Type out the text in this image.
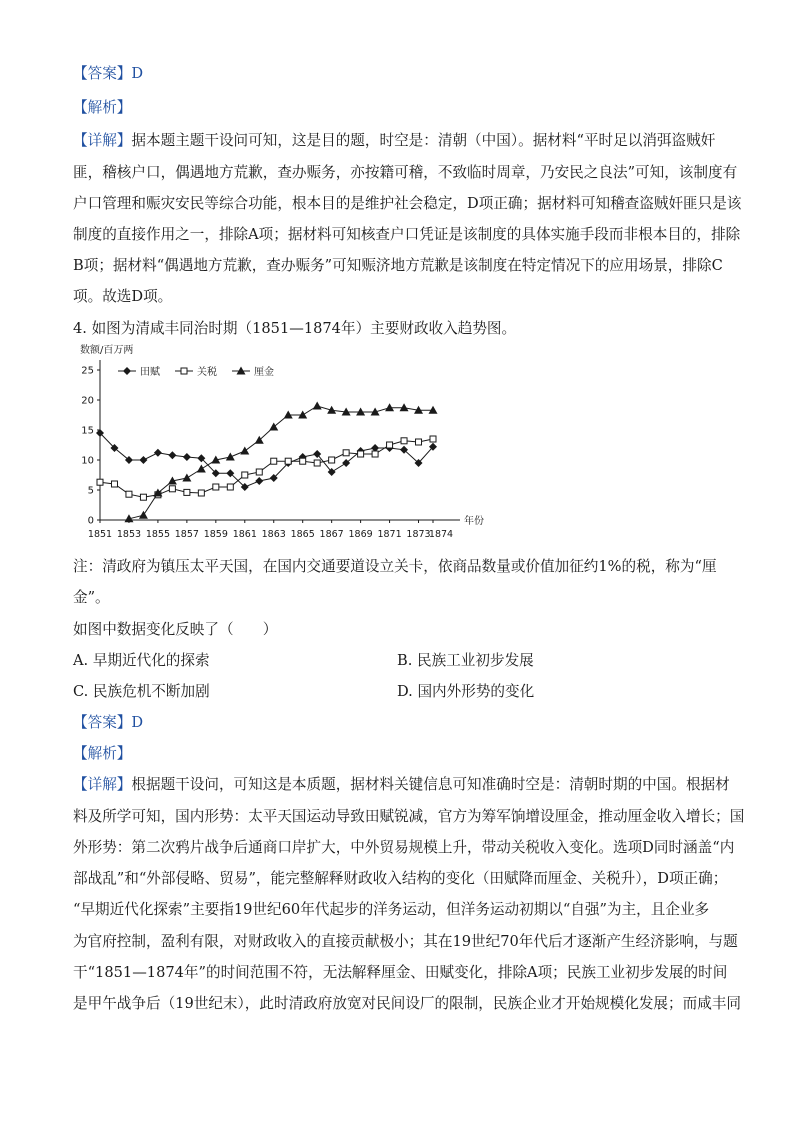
【答案】D
【解析】
【详解】据本题主题干设问可知，这是目的题，时空是：清朝（中国）。据材料“平时足以消弭盗贼奸
匪，稽核户口，偶遇地方荒歉，查办赈务，亦按籍可稽，不致临时周章，乃安民之良法”可知，该制度有
户口管理和赈灾安民等综合功能，根本目的是维护社会稳定，D项正确；据材料可知稽查盗贼奸匪只是该
制度的直接作用之一，排除A项；据材料可知核查户口凭证是该制度的具体实施手段而非根本目的，排除
B项；据材料“偶遇地方荒歉，查办赈务”可知赈济地方荒歉是该制度在特定情况下的应用场景，排除C
项。故选D项。
4. 如图为清咸丰同治时期（1851—1874年）主要财政收入趋势图。
数额/百万两
年份
0
5
10
15
20
25
1851 1853 1855 1857 1859 1861 1863 1865 1867 1869 1871 1873
1874
田赋	关税	厘金
注：清政府为镇压太平天国，在国内交通要道设立关卡，依商品数量或价值加征约1%的税，称为“厘
金”。
如图中数据变化反映了（　　）
A. 早期近代化的探索	B. 民族工业初步发展
C. 民族危机不断加剧	D. 国内外形势的变化
【答案】D
【解析】
【详解】根据题干设问，可知这是本质题，据材料关键信息可知准确时空是：清朝时期的中国。根据材
料及所学可知，国内形势：太平天国运动导致田赋锐减，官方为筹军饷增设厘金，推动厘金收入增长；国
外形势：第二次鸦片战争后通商口岸扩大，中外贸易规模上升，带动关税收入变化。选项D同时涵盖“内
部战乱”和“外部侵略、贸易”，能完整解释财政收入结构的变化（田赋降而厘金、关税升），D项正确；
“早期近代化探索”主要指19世纪60年代起步的洋务运动，但洋务运动初期以“自强”为主，且企业多
为官府控制，盈利有限，对财政收入的直接贡献极小；其在19世纪70年代后才逐渐产生经济影响，与题
干“1851—1874年”的时间范围不符，无法解释厘金、田赋变化，排除A项；民族工业初步发展的时间
是甲午战争后（19世纪末），此时清政府放宽对民间设厂的限制，民族企业才开始规模化发展；而咸丰同
